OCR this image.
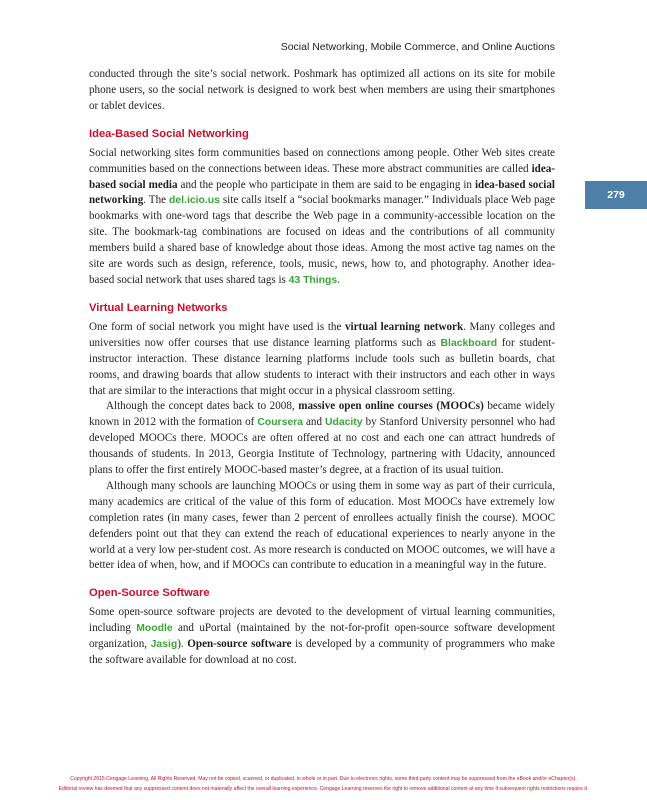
Social Networking, Mobile Commerce, and Online Auctions
279

conducted through the site’s social network. Poshmark has optimized all actions on its site for mobile phone users, so the social network is designed to work best when members are using their smartphones or tablet devices.

Idea-Based Social Networking

Social networking sites form communities based on connections among people. Other Web sites create communities based on the connections between ideas. These more abstract communities are called idea-based social media and the people who participate in them are said to be engaging in idea-based social networking. The del.icio.us site calls itself a “social bookmarks manager.” Individuals place Web page bookmarks with one-word tags that describe the Web page in a community-accessible location on the site. The bookmark-tag combinations are focused on ideas and the contributions of all community members build a shared base of knowledge about those ideas. Among the most active tag names on the site are words such as design, reference, tools, music, news, how to, and photography. Another idea-based social network that uses shared tags is 43 Things.

Virtual Learning Networks

One form of social network you might have used is the virtual learning network. Many colleges and universities now offer courses that use distance learning platforms such as Blackboard for student-instructor interaction. These distance learning platforms include tools such as bulletin boards, chat rooms, and drawing boards that allow students to interact with their instructors and each other in ways that are similar to the interactions that might occur in a physical classroom setting.

Although the concept dates back to 2008, massive open online courses (MOOCs) became widely known in 2012 with the formation of Coursera and Udacity by Stanford University personnel who had developed MOOCs there. MOOCs are often offered at no cost and each one can attract hundreds of thousands of students. In 2013, Georgia Institute of Technology, partnering with Udacity, announced plans to offer the first entirely MOOC-based master’s degree, at a fraction of its usual tuition.

Although many schools are launching MOOCs or using them in some way as part of their curricula, many academics are critical of the value of this form of education. Most MOOCs have extremely low completion rates (in many cases, fewer than 2 percent of enrollees actually finish the course). MOOC defenders point out that they can extend the reach of educational experiences to nearly anyone in the world at a very low per-student cost. As more research is conducted on MOOC outcomes, we will have a better idea of when, how, and if MOOCs can contribute to education in a meaningful way in the future.

Open-Source Software

Some open-source software projects are devoted to the development of virtual learning communities, including Moodle and uPortal (maintained by the not-for-profit open-source software development organization, Jasig). Open-source software is developed by a community of programmers who make the software available for download at no cost.

Copyright 2015 Cengage Learning. All Rights Reserved. May not be copied, scanned, or duplicated, in whole or in part. Due to electronic rights, some third party content may be suppressed from the eBook and/or eChapter(s).
Editorial review has deemed that any suppressed content does not materially affect the overall learning experience. Cengage Learning reserves the right to remove additional content at any time if subsequent rights restrictions require it.
